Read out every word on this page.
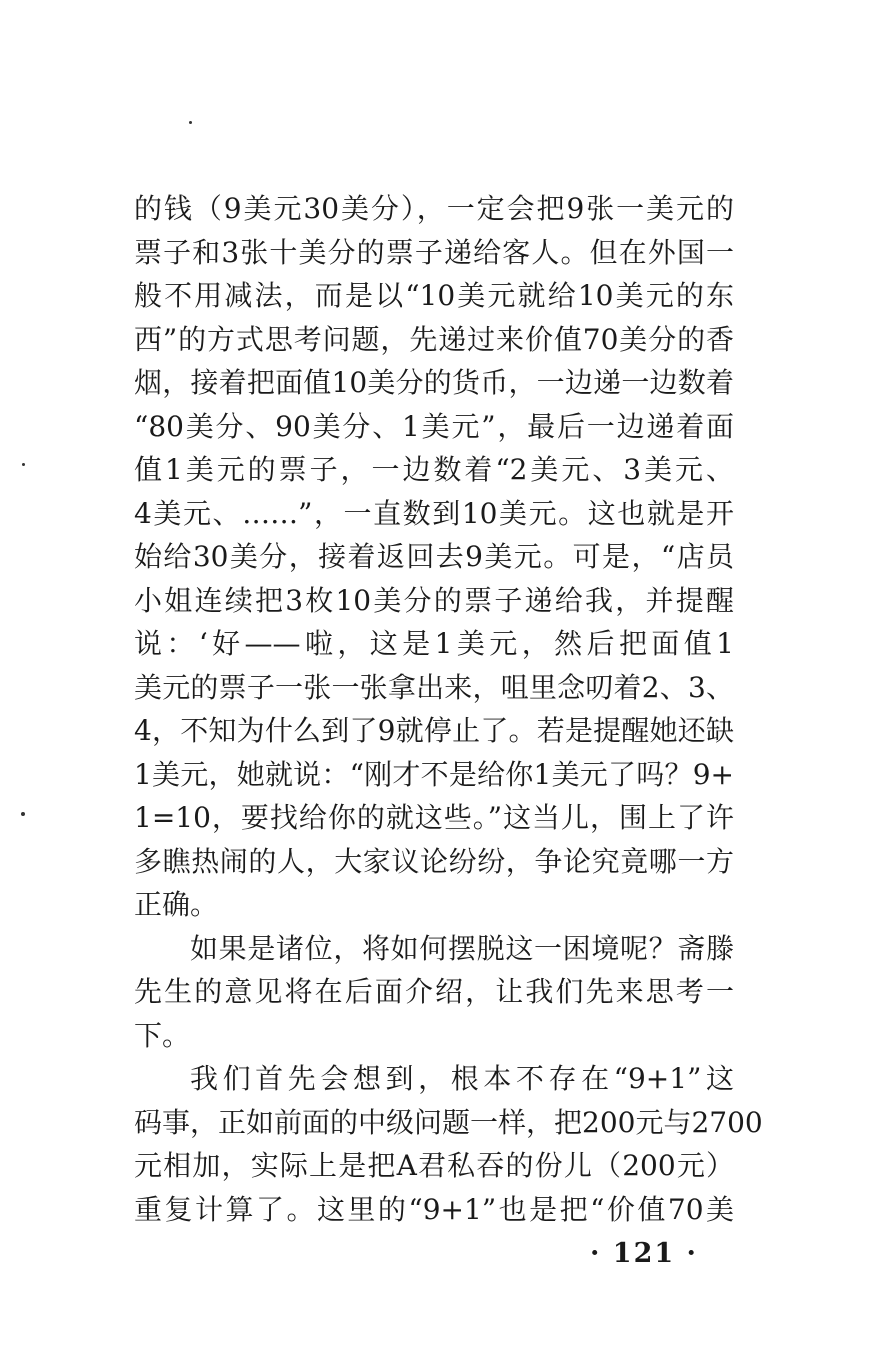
的钱（9美元30美分），一定会把9张一美元的
票子和3张十美分的票子递给客人。但在外国一
般不用减法，而是以“10美元就给10美元的东
西”的方式思考问题，先递过来价值70美分的香
烟，接着把面值10美分的货币，一边递一边数着
“80美分、90美分、1美元”，最后一边递着面
值1美元的票子，一边数着“2美元、3美元、
4美元、……”，一直数到10美元。这也就是开
始给30美分，接着返回去9美元。可是，“店员
小姐连续把3枚10美分的票子递给我，并提醒
说：‘好——啦，这是1美元，然后把面值1
美元的票子一张一张拿出来，咀里念叨着2、3、
4，不知为什么到了9就停止了。若是提醒她还缺
1美元，她就说：“刚才不是给你1美元了吗？9+
1=10，要找给你的就这些。”这当儿，围上了许
多瞧热闹的人，大家议论纷纷，争论究竟哪一方
正确。
如果是诸位，将如何摆脱这一困境呢？斋滕
先生的意见将在后面介绍，让我们先来思考一
下。
我们首先会想到，根本不存在“9+1”这
码事，正如前面的中级问题一样，把200元与2700
元相加，实际上是把A君私吞的份儿（200元）
重复计算了。这里的“9+1”也是把“价值70美
· 121 ·
